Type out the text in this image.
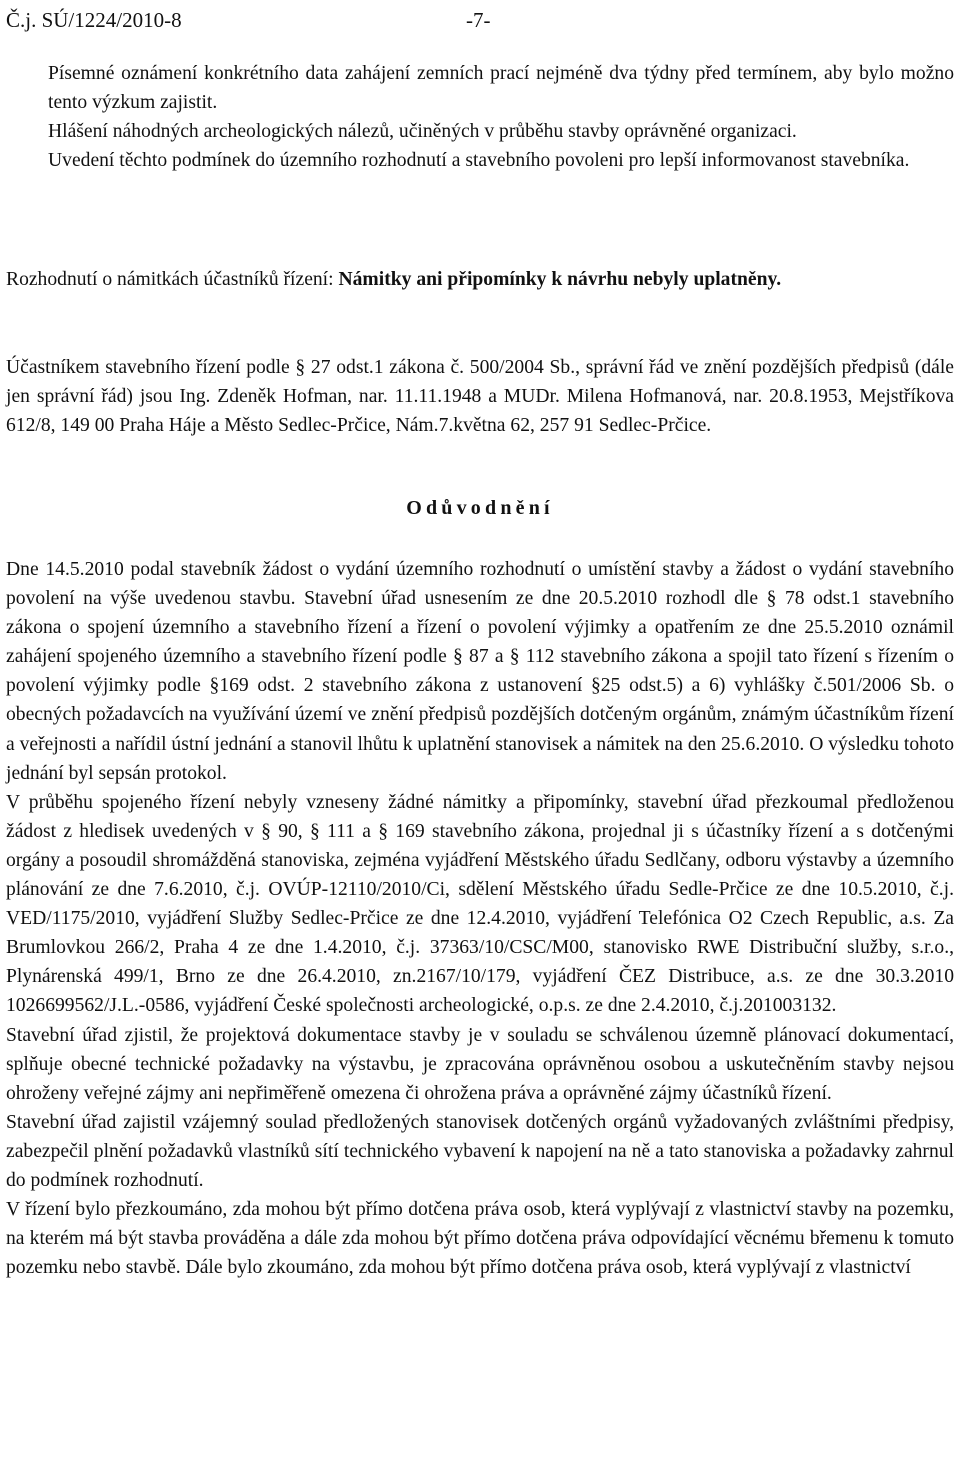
Č.j. SÚ/1224/2010-8	-7-

Písemné oznámení konkrétního data zahájení zemních prací nejméně dva týdny před termínem, aby bylo možno tento výzkum zajistit.

Hlášení náhodných archeologických nálezů, učiněných v průběhu stavby oprávněné organizaci.

Uvedení těchto podmínek do územního rozhodnutí a stavebního povoleni pro lepší informovanost stavebníka.

Rozhodnutí o námitkách účastníků řízení: Námitky ani připomínky k návrhu nebyly uplatněny.

Účastníkem stavebního řízení podle § 27 odst.1 zákona č. 500/2004 Sb., správní řád ve znění pozdějších předpisů (dále jen správní řád) jsou Ing. Zdeněk Hofman, nar. 11.11.1948 a MUDr. Milena Hofmanová, nar. 20.8.1953, Mejstříkova 612/8, 149 00 Praha Háje a Město Sedlec-Prčice, Nám.7.května 62, 257 91 Sedlec-Prčice.

Odůvodnění

Dne 14.5.2010 podal stavebník žádost o vydání územního rozhodnutí o umístění stavby a žádost o vydání stavebního povolení na výše uvedenou stavbu. Stavební úřad usnesením ze dne 20.5.2010 rozhodl dle § 78 odst.1 stavebního zákona o spojení územního a stavebního řízení a řízení o povolení výjimky a opatřením ze dne 25.5.2010 oznámil zahájení spojeného územního a stavebního řízení podle § 87 a § 112 stavebního zákona a spojil tato řízení s řízením o povolení výjimky podle §169 odst. 2 stavebního zákona z ustanovení §25 odst.5) a 6) vyhlášky č.501/2006 Sb. o obecných požadavcích na využívání území ve znění předpisů pozdějších dotčeným orgánům, známým účastníkům řízení a veřejnosti a nařídil ústní jednání a stanovil lhůtu k uplatnění stanovisek a námitek na den 25.6.2010. O výsledku tohoto jednání byl sepsán protokol.

V průběhu spojeného řízení nebyly vzneseny žádné námitky a připomínky, stavební úřad přezkoumal předloženou žádost z hledisek uvedených v § 90, § 111 a § 169 stavebního zákona, projednal ji s účastníky řízení a s dotčenými orgány a posoudil shromážděná stanoviska, zejména vyjádření Městského úřadu Sedlčany, odboru výstavby a územního plánování ze dne 7.6.2010, č.j. OVÚP-12110/2010/Ci, sdělení Městského úřadu Sedle-Prčice ze dne 10.5.2010, č.j. VED/1175/2010, vyjádření Služby Sedlec-Prčice ze dne 12.4.2010, vyjádření Telefónica O2 Czech Republic, a.s. Za Brumlovkou 266/2, Praha 4 ze dne 1.4.2010, č.j. 37363/10/CSC/M00, stanovisko RWE Distribuční služby, s.r.o., Plynárenská 499/1, Brno ze dne 26.4.2010, zn.2167/10/179, vyjádření ČEZ Distribuce, a.s. ze dne 30.3.2010 1026699562/J.L.-0586, vyjádření České společnosti archeologické, o.p.s. ze dne 2.4.2010, č.j.201003132.

Stavební úřad zjistil, že projektová dokumentace stavby je v souladu se schválenou územně plánovací dokumentací, splňuje obecné technické požadavky na výstavbu, je zpracována oprávněnou osobou a uskutečněním stavby nejsou ohroženy veřejné zájmy ani nepřiměřeně omezena či ohrožena práva a oprávněné zájmy účastníků řízení.

Stavební úřad zajistil vzájemný soulad předložených stanovisek dotčených orgánů vyžadovaných zvláštními předpisy, zabezpečil plnění požadavků vlastníků sítí technického vybavení k napojení na ně a tato stanoviska a požadavky zahrnul do podmínek rozhodnutí.

V řízení bylo přezkoumáno, zda mohou být přímo dotčena práva osob, která vyplývají z vlastnictví stavby na pozemku, na kterém má být stavba prováděna a dále zda mohou být přímo dotčena práva odpovídající věcnému břemenu k tomuto pozemku nebo stavbě. Dále bylo zkoumáno, zda mohou být přímo dotčena práva osob, která vyplývají z vlastnictví
